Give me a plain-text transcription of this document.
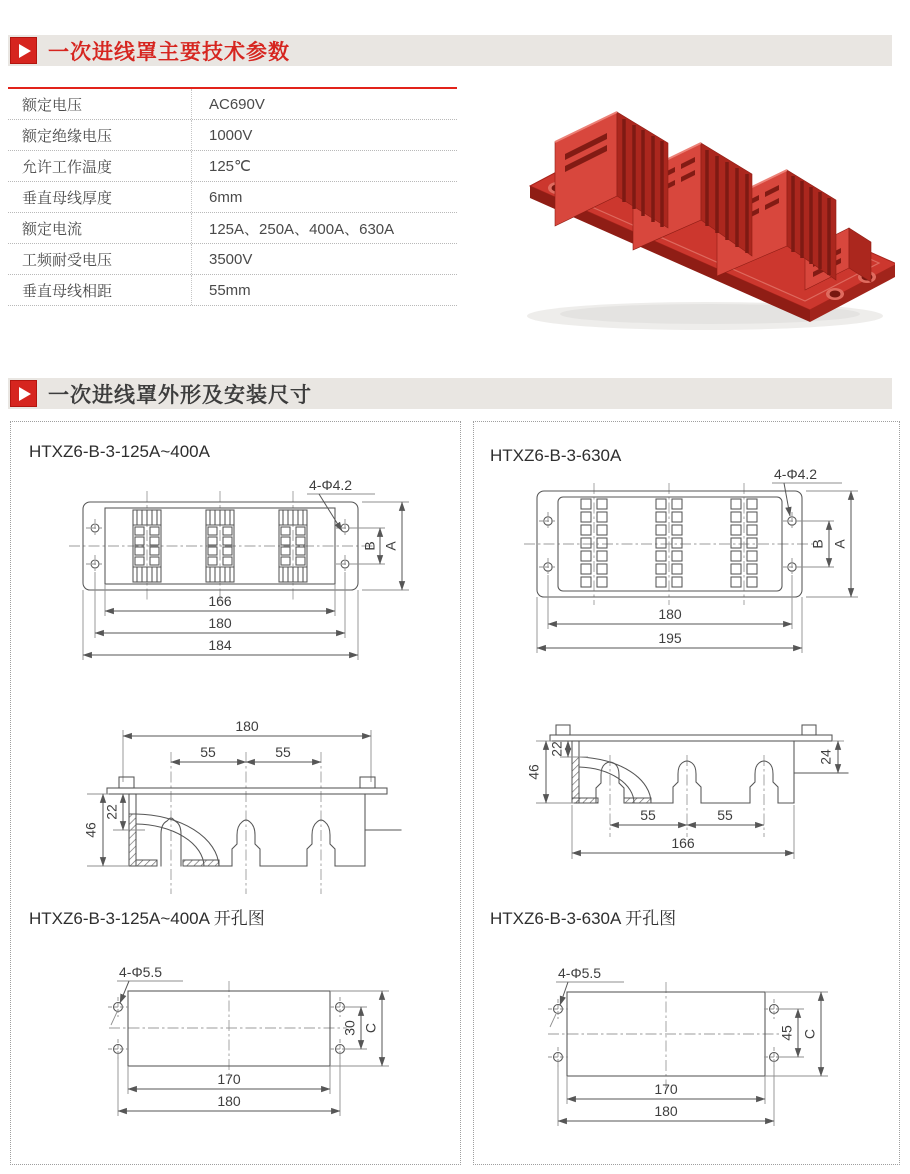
一次进线罩主要技术参数
额定电压	AC690V
额定绝缘电压	1000V
允许工作温度	125℃
垂直母线厚度	6mm
额定电流	125A、250A、400A、630A
工频耐受电压	3500V
垂直母线相距	55mm
一次进线罩外形及安装尺寸
HTXZ6-B-3-125A~400A
4-Φ4.2
166
180
184
B A
180
55	55
22
46
HTXZ6-B-3-125A~400A 开孔图
4-Φ5.5
30 C
170
180
HTXZ6-B-3-630A
4-Φ4.2
180
195
B A
22
46
24
55	55
166
HTXZ6-B-3-630A 开孔图
4-Φ5.5
45 C
170
180
